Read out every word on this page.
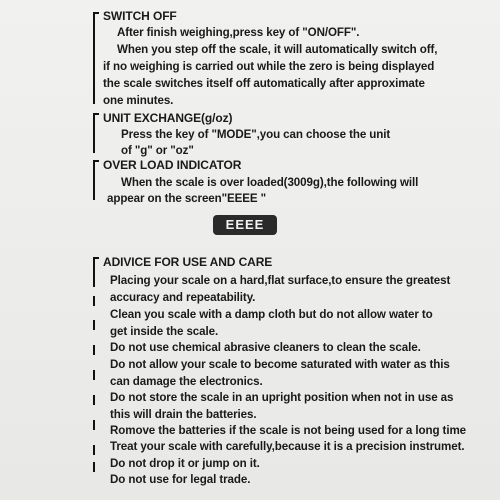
SWITCH OFF
After finish weighing,press key of "ON/OFF".
When you step off the scale, it will automatically switch off,
if no weighing is carried out while the zero is being displayed
the scale switches itself off automatically after approximate
one minutes.
UNIT EXCHANGE(g/oz)
Press the key of "MODE",you can choose the unit
of "g" or "oz"
OVER LOAD INDICATOR
When the scale is over loaded(3009g),the following will
appear on the screen"EEEE "
EEEE
ADIVICE FOR USE AND CARE
Placing your scale on a hard,flat surface,to ensure the greatest
accuracy and repeatability.
Clean you scale with a damp cloth but do not allow water to
get inside the scale.
Do not use chemical abrasive cleaners to clean the scale.
Do not allow your scale to become saturated with water as this
can damage the electronics.
Do not store the scale in an upright position when not in use as
this will drain the batteries.
Romove the batteries if the scale is not being used for a long time
Treat your scale with carefully,because it is a precision instrumet.
Do not drop it or jump on it.
Do not use for legal trade.
